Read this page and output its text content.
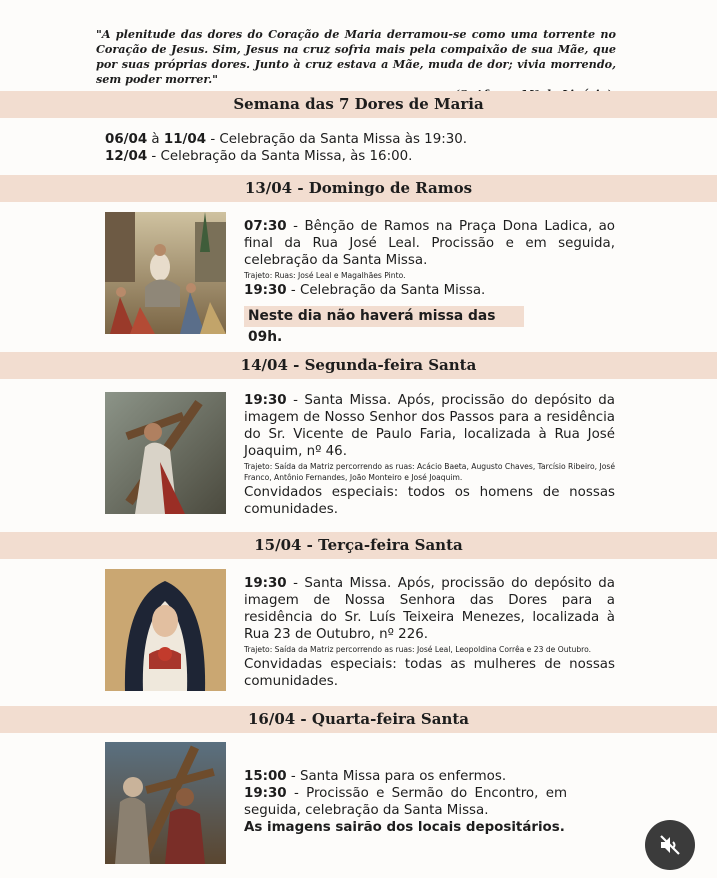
"A plenitude das dores do Coração de Maria derramou-se como uma torrente no Coração de Jesus. Sim, Jesus na cruz sofria mais pela compaixão de sua Mãe, que por suas próprias dores. Junto à cruz estava a Mãe, muda de dor; vivia morrendo, sem poder morrer."
Semana das 7 Dores de Maria
06/04 à 11/04 - Celebração da Santa Missa às 19:30.
12/04 - Celebração da Santa Missa, às 16:00.
13/04 - Domingo de Ramos
07:30 - Bênção de Ramos na Praça Dona Ladica, ao final da Rua José Leal. Procissão e em seguida, celebração da Santa Missa.
Trajeto: Ruas: José Leal e Magalhães Pinto.
19:30 - Celebração da Santa Missa.
Neste dia não haverá missa das 09h.
14/04 - Segunda-feira Santa
19:30 - Santa Missa. Após, procissão do depósito da imagem de Nosso Senhor dos Passos para a residência do Sr. Vicente de Paulo Faria, localizada à Rua José Joaquim, nº 46.
Trajeto: Saída da Matriz percorrendo as ruas: Acácio Baeta, Augusto Chaves, Tarcísio Ribeiro, José Franco, Antônio Fernandes, João Monteiro e José Joaquim.
Convidados especiais: todos os homens de nossas comunidades.
15/04 - Terça-feira Santa
19:30 - Santa Missa. Após, procissão do depósito da imagem de Nossa Senhora das Dores para a residência do Sr. Luís Teixeira Menezes, localizada à Rua 23 de Outubro, nº 226.
Trajeto: Saída da Matriz percorrendo as ruas: José Leal, Leopoldina Corrêa e 23 de Outubro.
Convidadas especiais: todas as mulheres de nossas comunidades.
16/04 - Quarta-feira Santa
15:00 - Santa Missa para os enfermos.
19:30 - Procissão e Sermão do Encontro, em seguida, celebração da Santa Missa.
As imagens sairão dos locais depositários.
